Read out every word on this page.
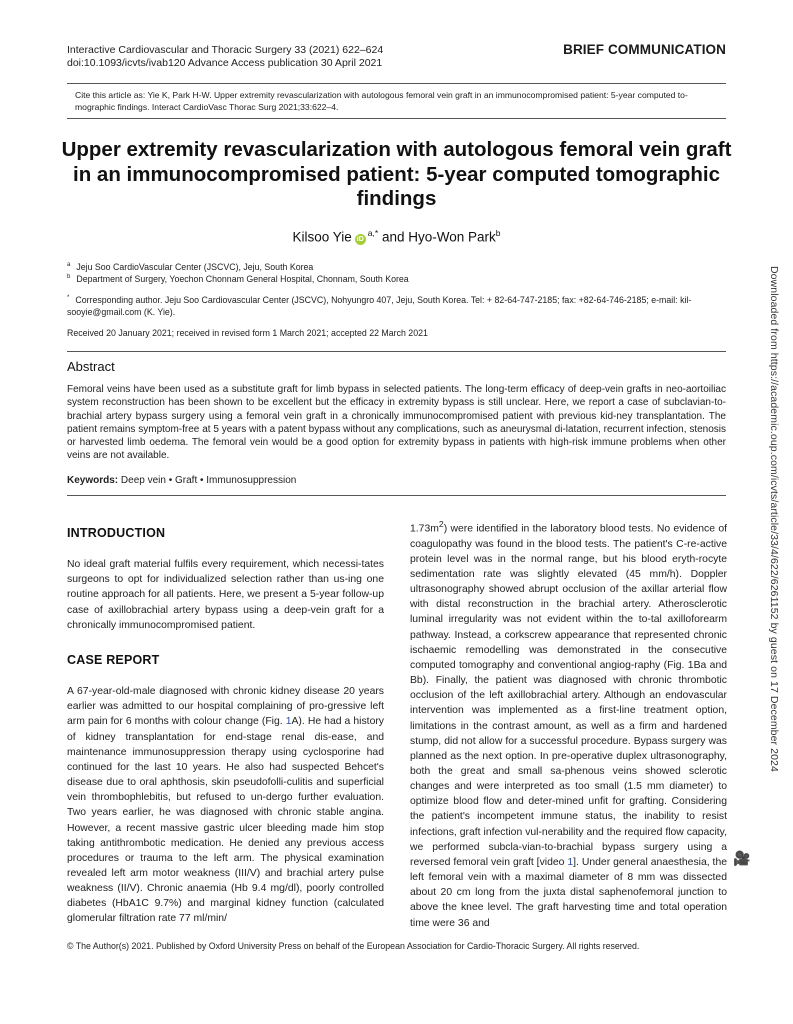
Interactive Cardiovascular and Thoracic Surgery 33 (2021) 622–624
doi:10.1093/icvts/ivab120 Advance Access publication 30 April 2021
BRIEF COMMUNICATION
Cite this article as: Yie K, Park H-W. Upper extremity revascularization with autologous femoral vein graft in an immunocompromised patient: 5-year computed to-
mographic findings. Interact CardioVasc Thorac Surg 2021;33:622–4.
Upper extremity revascularization with autologous femoral vein graft in an immunocompromised patient: 5-year computed tomographic findings
Kilsoo Yie $iD^{a,*}$ and Hyo-Won Park$^b$
$^a$ Jeju Soo CardioVascular Center (JSCVC), Jeju, South Korea
$^b$ Department of Surgery, Yoechon Chonnam General Hospital, Chonnam, South Korea
* Corresponding author. Jeju Soo Cardiovascular Center (JSCVC), Nohyungro 407, Jeju, South Korea. Tel: + 82-64-747-2185; fax: +82-64-746-2185; e-mail: kil-sooyie@gmail.com (K. Yie).
Received 20 January 2021; received in revised form 1 March 2021; accepted 22 March 2021
Abstract

Femoral veins have been used as a substitute graft for limb bypass in selected patients. The long-term efficacy of deep-vein grafts in neo-aortoiliac system reconstruction has been shown to be excellent but the efficacy in extremity bypass is still unclear. Here, we report a case of subclavian-to-brachial artery bypass surgery using a femoral vein graft in a chronically immunocompromised patient with previous kid-ney transplantation. The patient remains symptom-free at 5 years with a patent bypass without any complications, such as aneurysmal di-latation, recurrent infection, stenosis or harvested limb oedema. The femoral vein would be a good option for extremity bypass in patients with high-risk immune problems when other veins are not available.

Keywords: Deep vein • Graft • Immunosuppression
INTRODUCTION

No ideal graft material fulfils every requirement, which necessi-tates surgeons to opt for individualized selection rather than us-ing one routine approach for all patients. Here, we present a 5-year follow-up case of axillobrachial artery bypass using a deep-vein graft for a chronically immunocompromised patient.

CASE REPORT

A 67-year-old-male diagnosed with chronic kidney disease 20 years earlier was admitted to our hospital complaining of pro-gressive left arm pain for 6 months with colour change (Fig. 1A). He had a history of kidney transplantation for end-stage renal dis-ease, and maintenance immunosuppression therapy using cyclosporine had continued for the last 10 years. He also had suspected Behcet's disease due to oral aphthosis, skin pseudofolli-culitis and superficial vein thrombophlebitis, but refused to un-dergo further evaluation. Two years earlier, he was diagnosed with chronic stable angina. However, a recent massive gastric ulcer bleeding made him stop taking antithrombotic medication. He denied any previous access procedures or trauma to the left arm. The physical examination revealed left arm motor weakness (III/V) and brachial artery pulse weakness (II/V). Chronic anaemia (Hb 9.4 mg/dl), poorly controlled diabetes (HbA1C 9.7%) and marginal kidney function (calculated glomerular filtration rate 77 ml/min/

$1.73m^2$) were identified in the laboratory blood tests. No evidence of coagulopathy was found in the blood tests. The patient's C-re-active protein level was in the normal range, but his blood eryth-rocyte sedimentation rate was slightly elevated (45 mm/h). Doppler ultrasonography showed abrupt occlusion of the axillar arterial flow with distal reconstruction in the brachial artery. Atherosclerotic luminal irregularity was not evident within the to-tal axilloforearm pathway. Instead, a corkscrew appearance that represented chronic ischaemic remodelling was demonstrated in the consecutive computed tomography and conventional angiog-raphy (Fig. 1Ba and Bb). Finally, the patient was diagnosed with chronic thrombotic occlusion of the left axillobrachial artery. Although an endovascular intervention was implemented as a first-line treatment option, limitations in the contrast amount, as well as a firm and hardened stump, did not allow for a successful procedure. Bypass surgery was planned as the next option. In pre-operative duplex ultrasonography, both the great and small sa-phenous veins showed sclerotic changes and were interpreted as too small (1.5 mm diameter) to optimize blood flow and deter-mined unfit for grafting. Considering the patient's incompetent immune status, the inability to resist infections, graft infection vul-nerability and the required flow capacity, we performed subcla-vian-to-brachial bypass surgery using a reversed femoral vein graft [video 1]. Under general anaesthesia, the left femoral vein with a maximal diameter of 8 mm was dissected about 20 cm long from the juxta distal saphenofemoral junction to above the knee level. The graft harvesting time and total operation time were 36 and

🎥
© The Author(s) 2021. Published by Oxford University Press on behalf of the European Association for Cardio-Thoracic Surgery. All rights reserved.
Downloaded from https://academic.oup.com/icvts/article/33/4/622/6261152 by guest on 17 December 2024
